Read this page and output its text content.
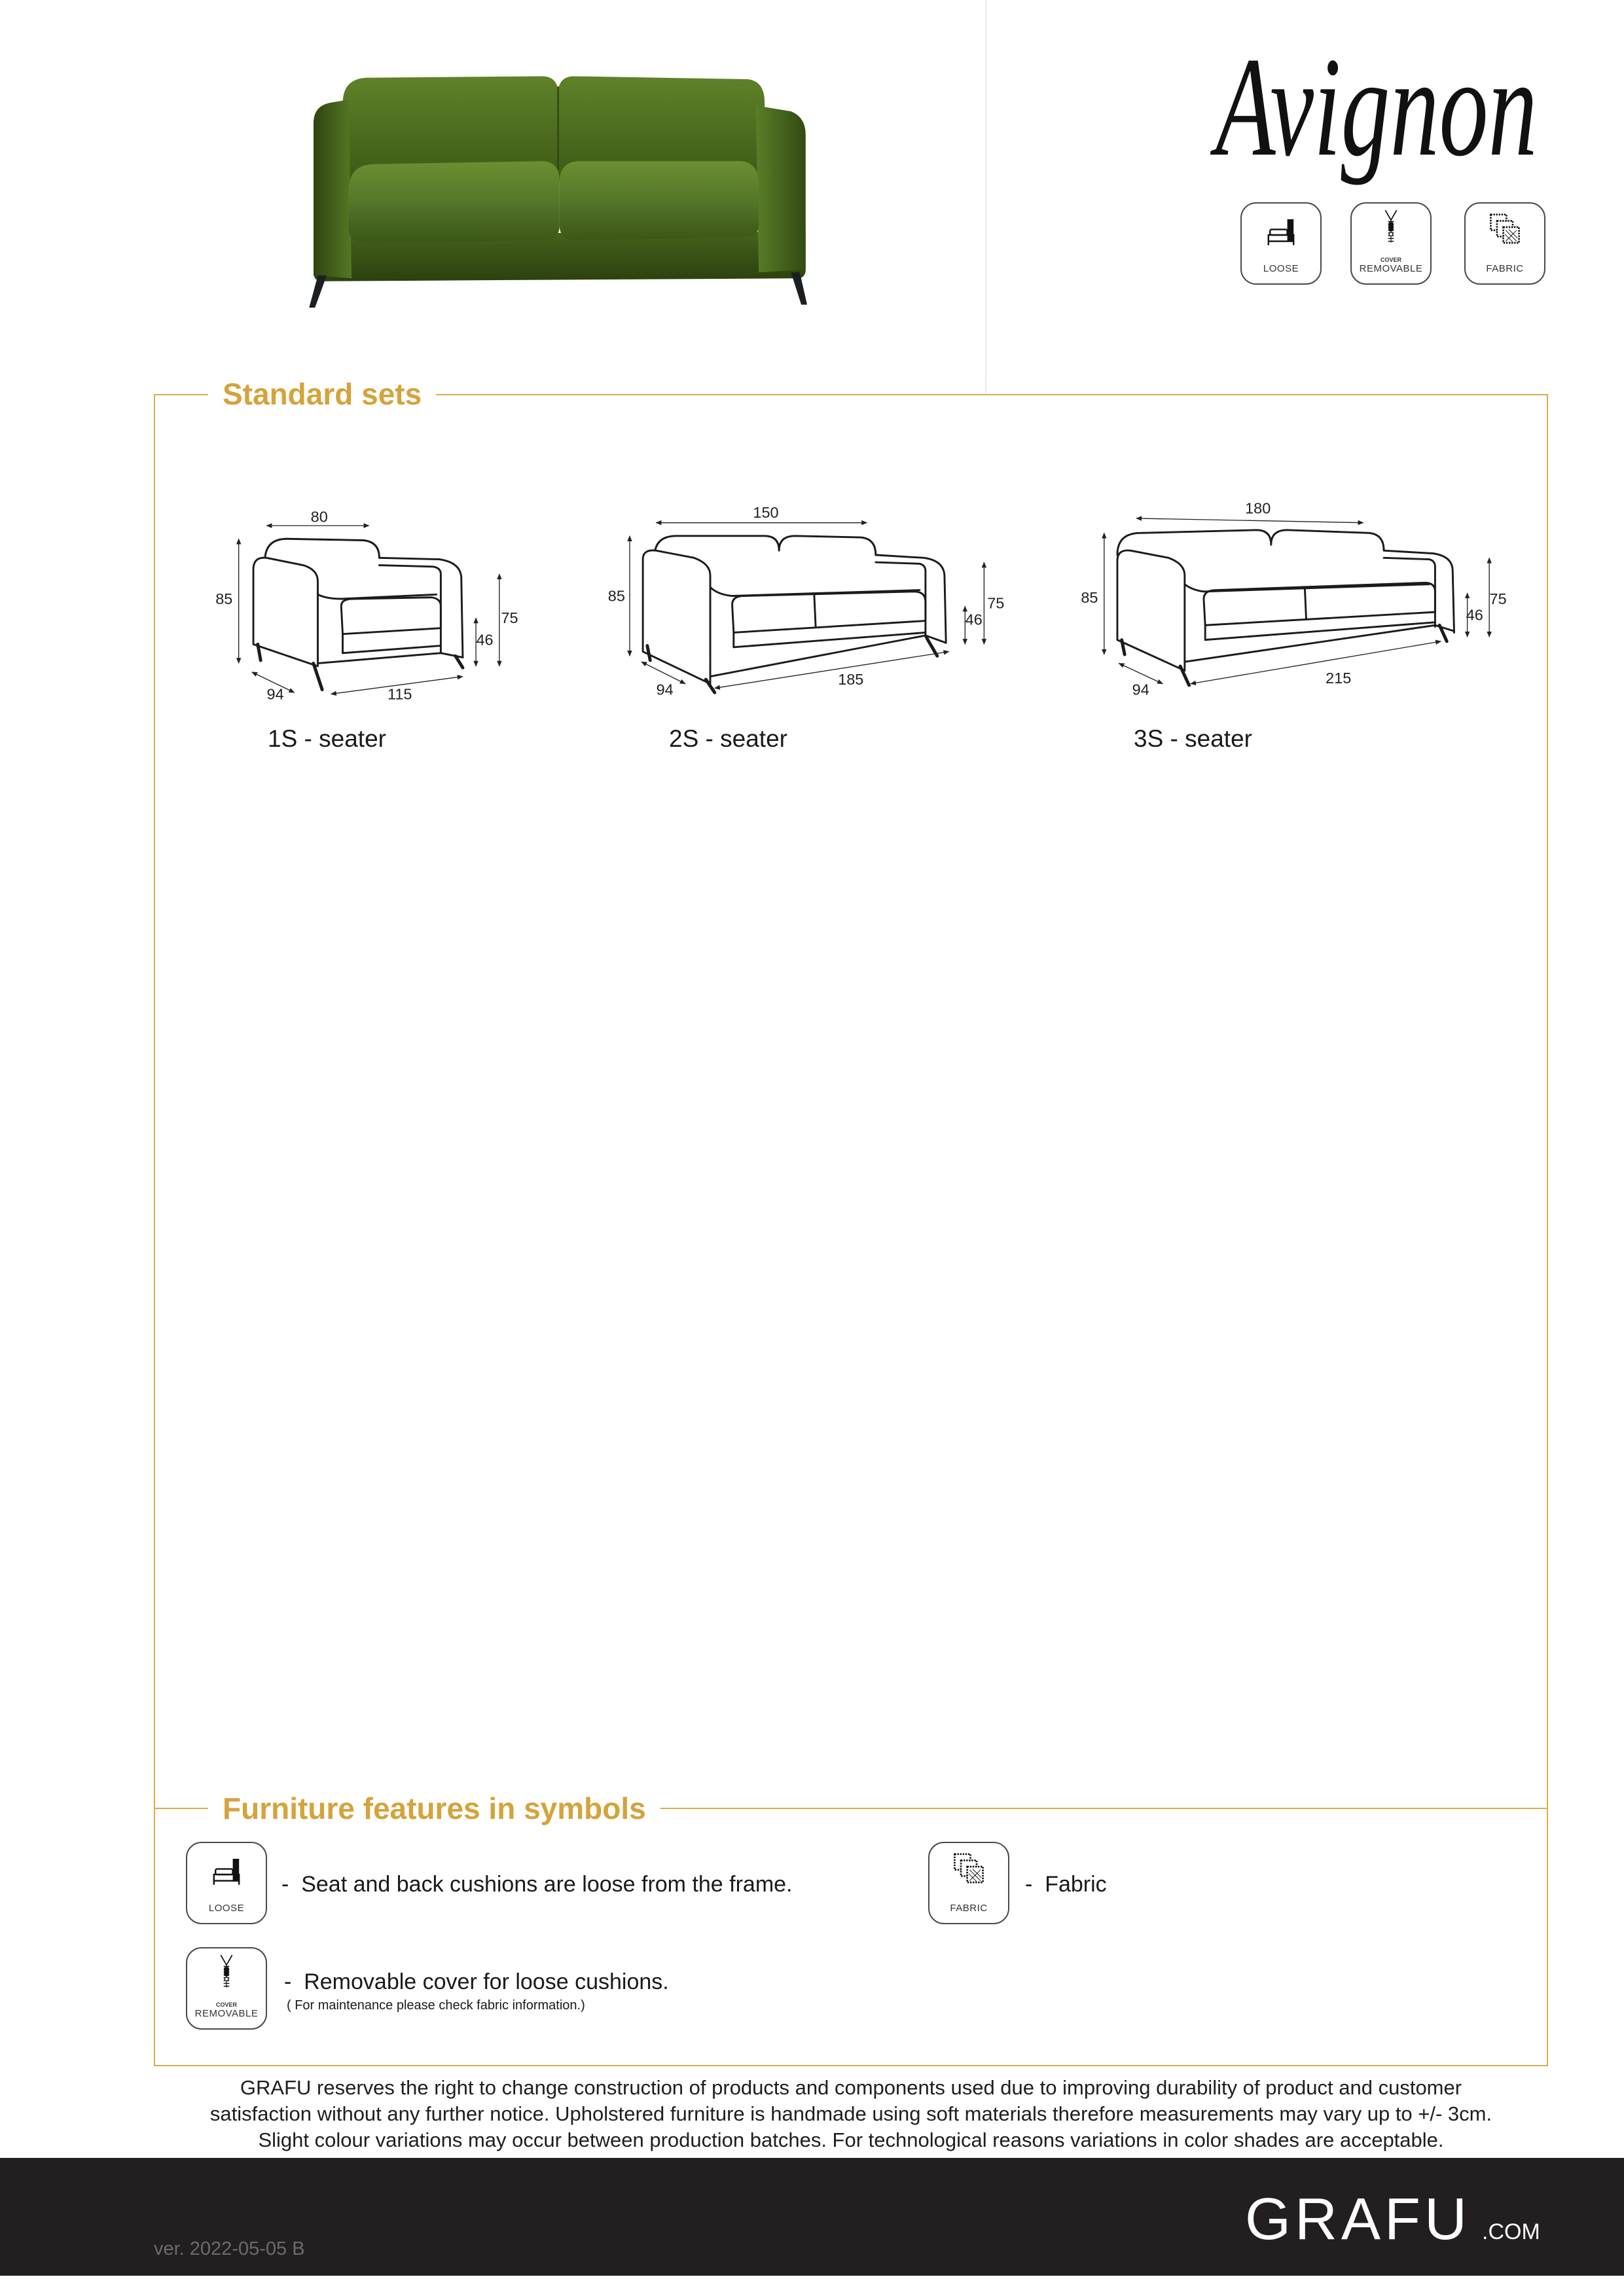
Avignon
LOOSE
COVER
REMOVABLE	FABRIC
80
85
75
46
94	115
150
85	75
46
94
185
180
85	75
46
94
215
Standard sets
Furniture features in symbols
1S - seater	2S - seater	3S - seater
LOOSE
-  Seat and back cushions are loose from the frame.
FABRIC
-  Fabric
COVER
REMOVABLE
-  Removable cover for loose cushions.
( For maintenance please check fabric information.)
GRAFU reserves the right to change construction of products and components used due to improving durability of product and customer
satisfaction without any further notice. Upholstered furniture is handmade using soft materials therefore measurements may vary up to +/- 3cm.
Slight colour variations may occur between production batches. For technological reasons variations in color shades are acceptable.
ver. 2022-05-05 B	GRAFU .COM
